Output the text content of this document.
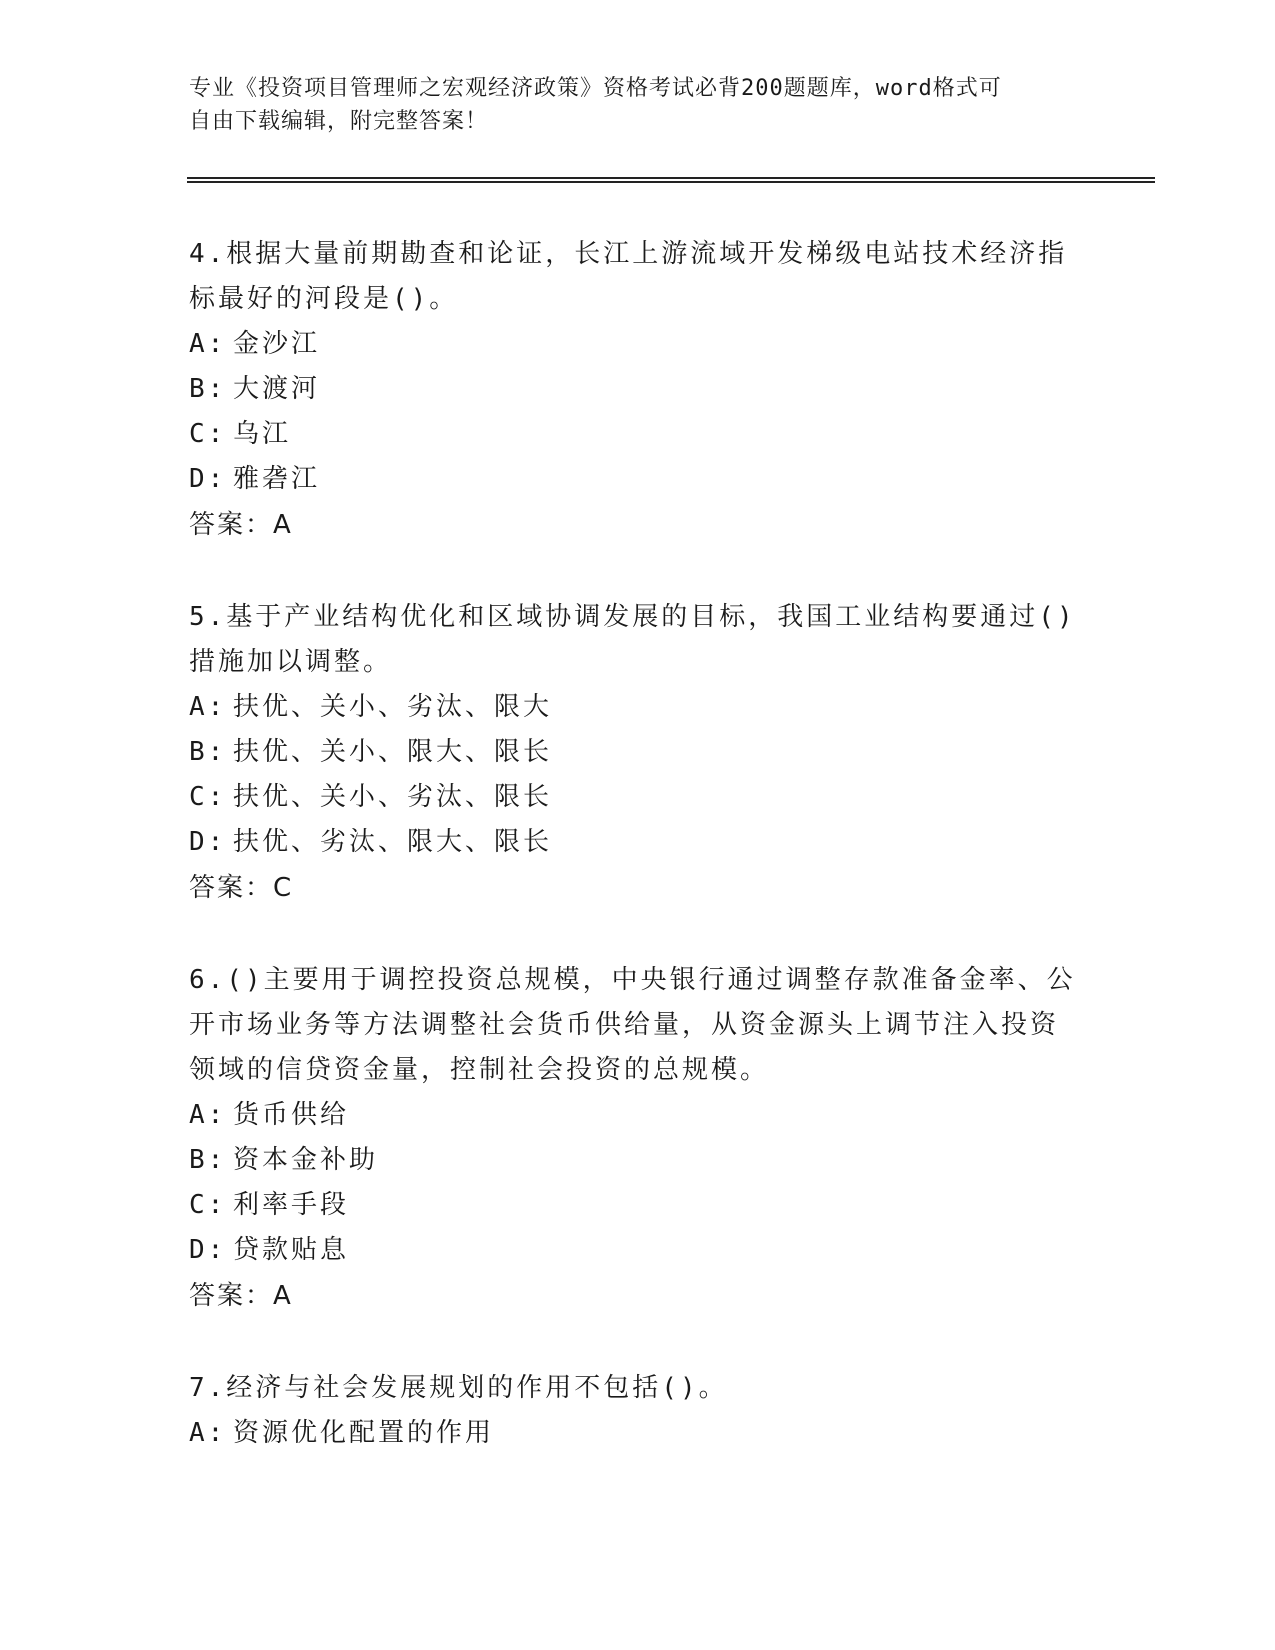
专业《投资项目管理师之宏观经济政策》资格考试必背200题题库，word格式可
自由下载编辑，附完整答案！

4.根据大量前期勘查和论证，长江上游流域开发梯级电站技术经济指标最好的河段是()。

A: 金沙江

B: 大渡河

C: 乌江

D: 雅砻江

答案：A

5.基于产业结构优化和区域协调发展的目标，我国工业结构要通过()措施加以调整。

A: 扶优、关小、劣汰、限大

B: 扶优、关小、限大、限长

C: 扶优、关小、劣汰、限长

D: 扶优、劣汰、限大、限长

答案：C

6.()主要用于调控投资总规模，中央银行通过调整存款准备金率、公开市场业务等方法调整社会货币供给量，从资金源头上调节注入投资领域的信贷资金量，控制社会投资的总规模。

A: 货币供给

B: 资本金补助

C: 利率手段

D: 贷款贴息

答案：A

7.经济与社会发展规划的作用不包括()。

A: 资源优化配置的作用
